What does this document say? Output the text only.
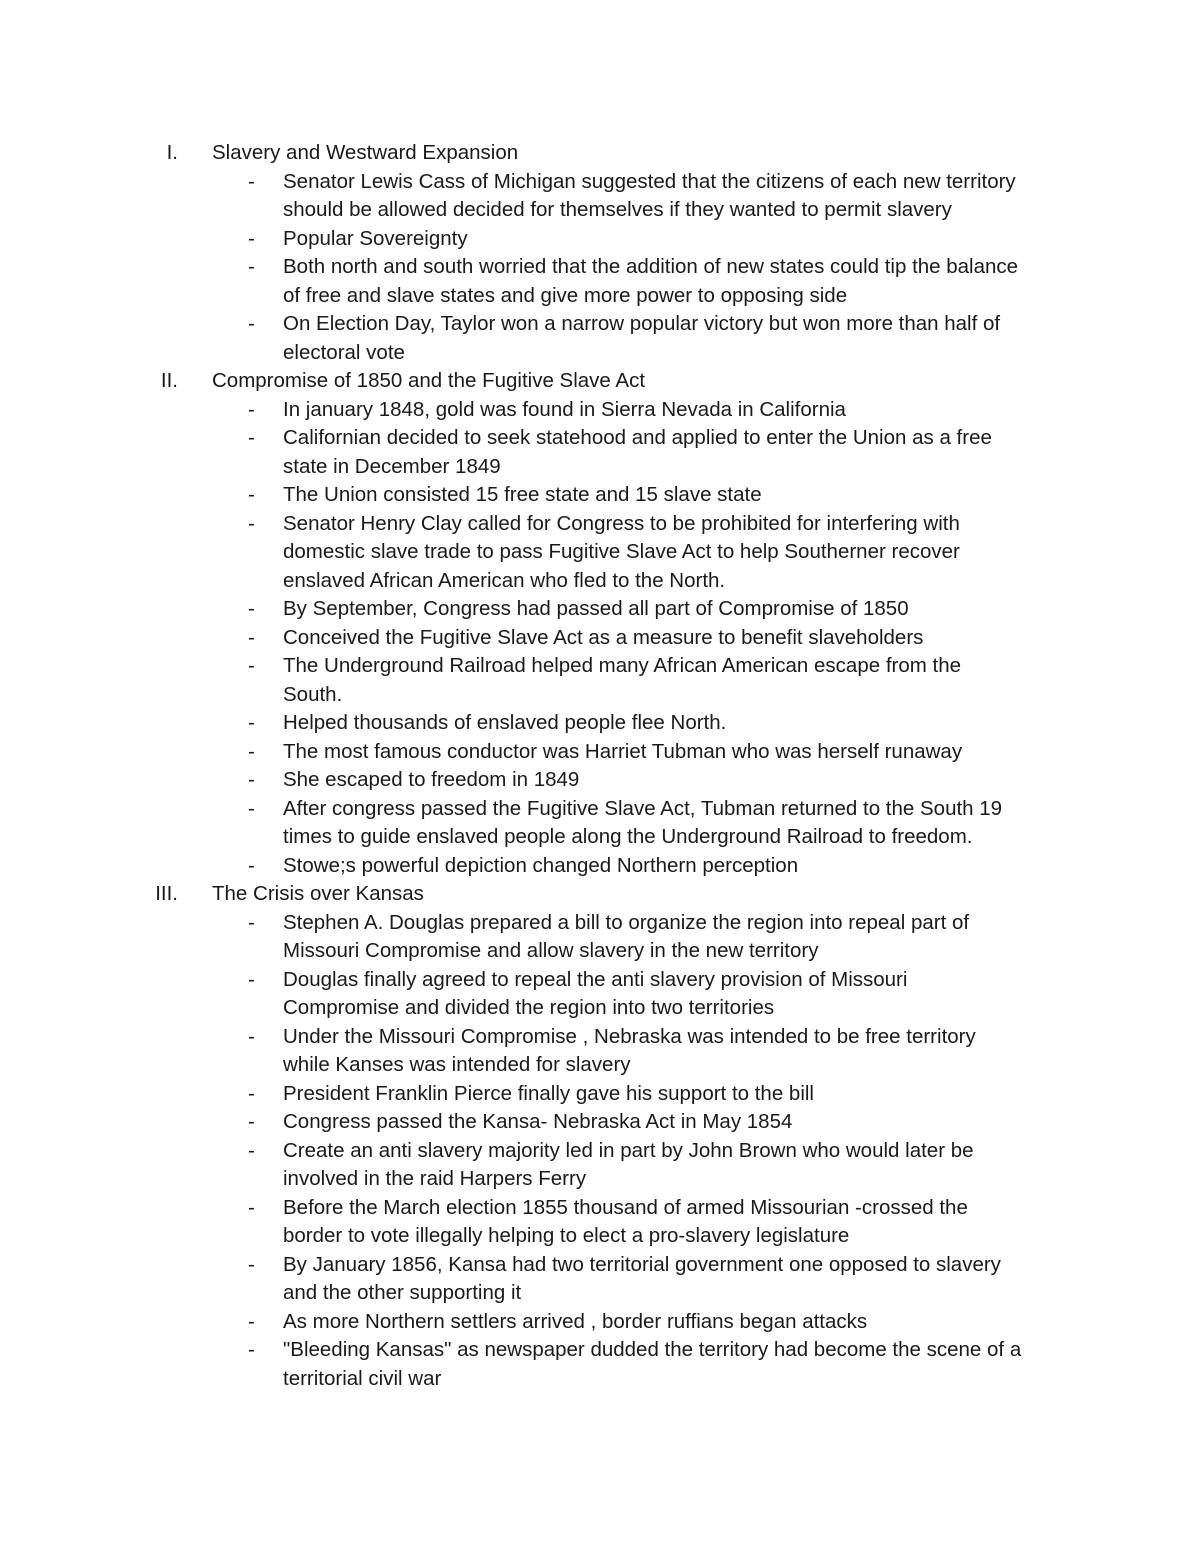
I. Slavery and Westward Expansion
- Senator Lewis Cass of Michigan suggested that the citizens of each new territory
should be allowed decided for themselves if they wanted to permit slavery
- Popular Sovereignty
- Both north and south worried that the addition of new states could tip the balance
of free and slave states and give more power to opposing side
- On Election Day, Taylor won a narrow popular victory but won more than half of
electoral vote
II. Compromise of 1850 and the Fugitive Slave Act
- In january 1848, gold was found in Sierra Nevada in California
- Californian decided to seek statehood and applied to enter the Union as a free
state in December 1849
- The Union consisted 15 free state and 15 slave state
- Senator Henry Clay called for Congress to be prohibited for interfering with
domestic slave trade to pass Fugitive Slave Act to help Southerner recover
enslaved African American who fled to the North.
- By September, Congress had passed all part of Compromise of 1850
- Conceived the Fugitive Slave Act as a measure to benefit slaveholders
- The Underground Railroad helped many African American escape from the
South.
- Helped thousands of enslaved people flee North.
- The most famous conductor was Harriet Tubman who was herself runaway
- She escaped to freedom in 1849
- After congress passed the Fugitive Slave Act, Tubman returned to the South 19
times to guide enslaved people along the Underground Railroad to freedom.
- Stowe;s powerful depiction changed Northern perception
III. The Crisis over Kansas
- Stephen A. Douglas prepared a bill to organize the region into repeal part of
Missouri Compromise and allow slavery in the new territory
- Douglas finally agreed to repeal the anti slavery provision of Missouri
Compromise and divided the region into two territories
- Under the Missouri Compromise , Nebraska was intended to be free territory
while Kanses was intended for slavery
- President Franklin Pierce finally gave his support to the bill
- Congress passed the Kansa- Nebraska Act in May 1854
- Create an anti slavery majority led in part by John Brown who would later be
involved in the raid Harpers Ferry
- Before the March election 1855 thousand of armed Missourian -crossed the
border to vote illegally helping to elect a pro-slavery legislature
- By January 1856, Kansa had two territorial government one opposed to slavery
and the other supporting it
- As more Northern settlers arrived , border ruffians began attacks
- "Bleeding Kansas" as newspaper dudded the territory had become the scene of a
territorial civil war
